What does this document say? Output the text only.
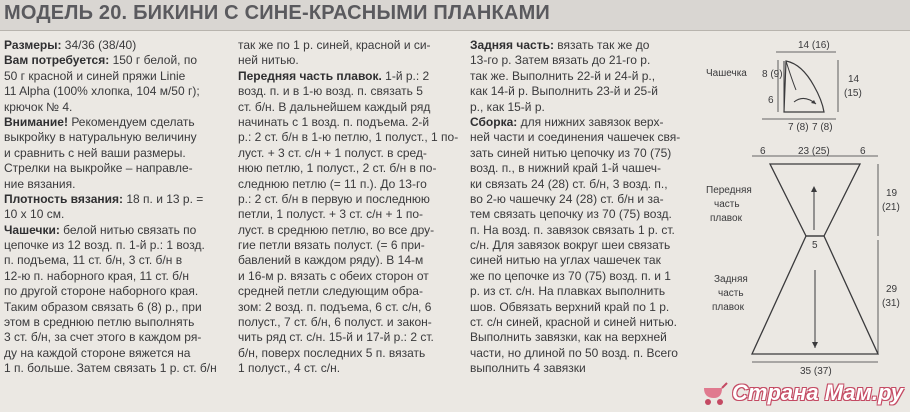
МОДЕЛЬ 20. БИКИНИ С СИНЕ-КРАСНЫМИ ПЛАНКАМИ
Размеры: 34/36 (38/40)
Вам потребуется: 150 г белой, по
50 г красной и синей пряжи Linie
11 Alpha (100% хлопка, 104 м/50 г);
крючок № 4.
Внимание! Рекомендуем сделать
выкройку в натуральную величину
и сравнить с ней ваши размеры.
Стрелки на выкройке – направле-
ние вязания.
Плотность вязания: 18 п. и 13 р. =
10 х 10 см.
Чашечки: белой нитью связать по
цепочке из 12 возд. п. 1-й р.: 1 возд.
п. подъема, 11 ст. б/н, 3 ст. б/н в
12-ю п. наборного края, 11 ст. б/н
по другой стороне наборного края.
Таким образом связать 6 (8) р., при
этом в среднюю петлю выполнять
3 ст. б/н, за счет этого в каждом ря-
ду на каждой стороне вяжется на
1 п. больше. Затем связать 1 р. ст. б/н
так же по 1 р. синей, красной и си-
ней нитью.
Передняя часть плавок. 1-й р.: 2
возд. п. и в 1-ю возд. п. связать 5
ст. б/н. В дальнейшем каждый ряд
начинать с 1 возд. п. подъема. 2-й
р.: 2 ст. б/н в 1-ю петлю, 1 полуст., 1 по-
луст. + 3 ст. с/н + 1 полуст. в сред-
нюю петлю, 1 полуст., 2 ст. б/н в по-
следнюю петлю (= 11 п.). До 13-го
р.: 2 ст. б/н в первую и последнюю
петли, 1 полуст. + 3 ст. с/н + 1 по-
луст. в среднюю петлю, во все дру-
гие петли вязать полуст. (= 6 при-
бавлений в каждом ряду). В 14-м
и 16-м р. вязать с обеих сторон от
средней петли следующим обра-
зом: 2 возд. п. подъема, 6 ст. с/н, 6
полуст., 7 ст. б/н, 6 полуст. и закон-
чить ряд ст. с/н. 15-й и 17-й р.: 2 ст.
б/н, поверх последних 5 п. вязать
1 полуст., 4 ст. с/н.
Задняя часть: вязать так же до
13-го р. Затем вязать до 21-го р.
так же. Выполнить 22-й и 24-й р.,
как 14-й р. Выполнить 23-й и 25-й
р., как 15-й р.
Сборка: для нижних завязок верх-
ней части и соединения чашечек свя-
зать синей нитью цепочку из 70 (75)
возд. п., в нижний край 1-й чашеч-
ки связать 24 (28) ст. б/н, 3 возд. п.,
во 2-ю чашечку 24 (28) ст. б/н и за-
тем связать цепочку из 70 (75) возд.
п. На возд. п. завязок связать 1 р. ст.
с/н. Для завязок вокруг шеи связать
синей нитью на углах чашечек так
же по цепочке из 70 (75) возд. п. и 1
р. из ст. с/н. На плавках выполнить
шов. Обвязать верхний край по 1 р.
ст. с/н синей, красной и синей нитью.
Выполнить завязки, как на верхней
части, но длиной по 50 возд. п. Всего
выполнить 4 завязки
14 (16)
Чашечка 8 (9)
6
14
(15)
7 (8) 7 (8)
6	23 (25)	6
Передняя
часть
плавок
19
(21)
5
Задняя
часть
плавок
29
(31)
35 (37)
Страна Мам.ру
